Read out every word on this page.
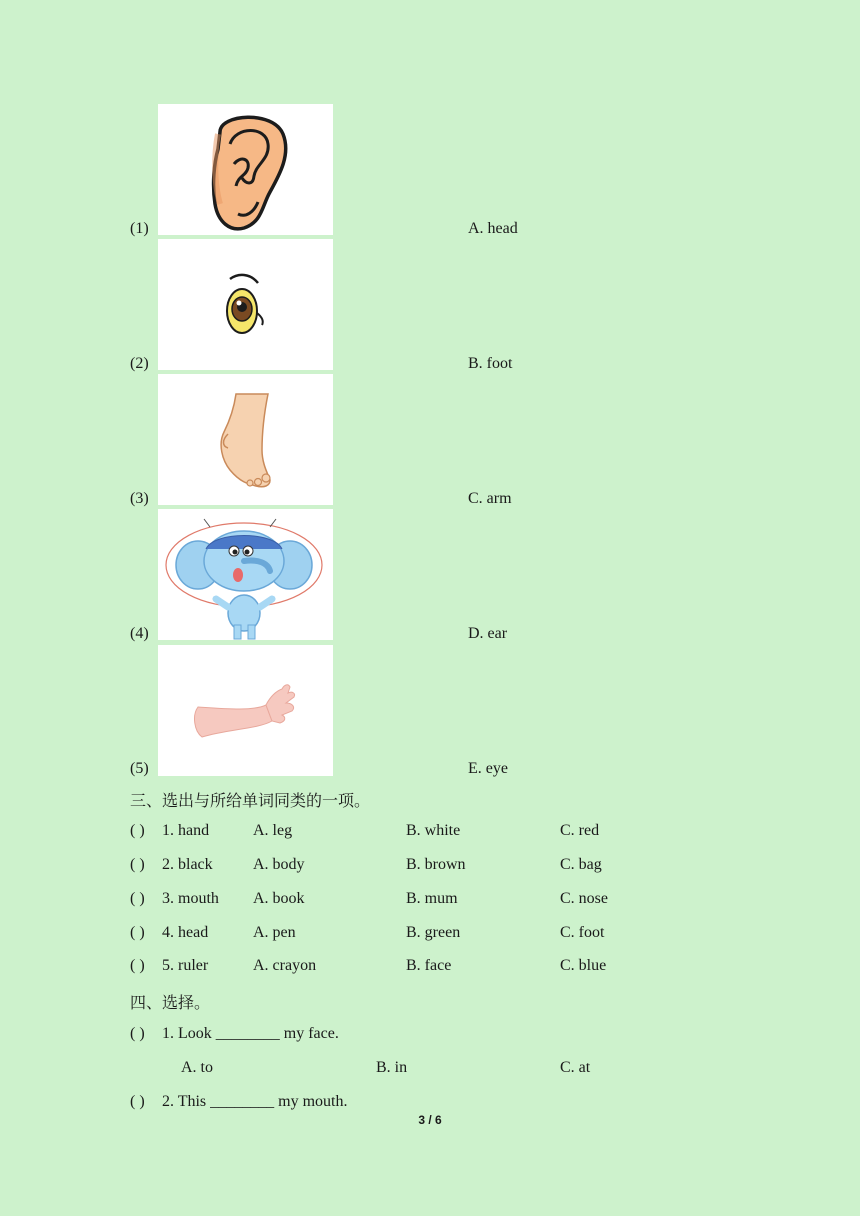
(1)	A. head
(2)	B. foot
(3)	C. arm
(4)	D. ear
(5)	E. eye
三、选出与所给单词同类的一项。
( ) 1. hand	A. leg	B. white	C. red
( ) 2. black	A. body	B. brown	C. bag
( ) 3. mouth A. book	B. mum	C. nose
( ) 4. head	A. pen	B. green	C. foot
( ) 5. ruler	A. crayon	B. face	C. blue
四、选择。
( ) 1. Look ________ my face.
A. to	B. in	C. at
( ) 2. This ________ my mouth.
3 / 6
